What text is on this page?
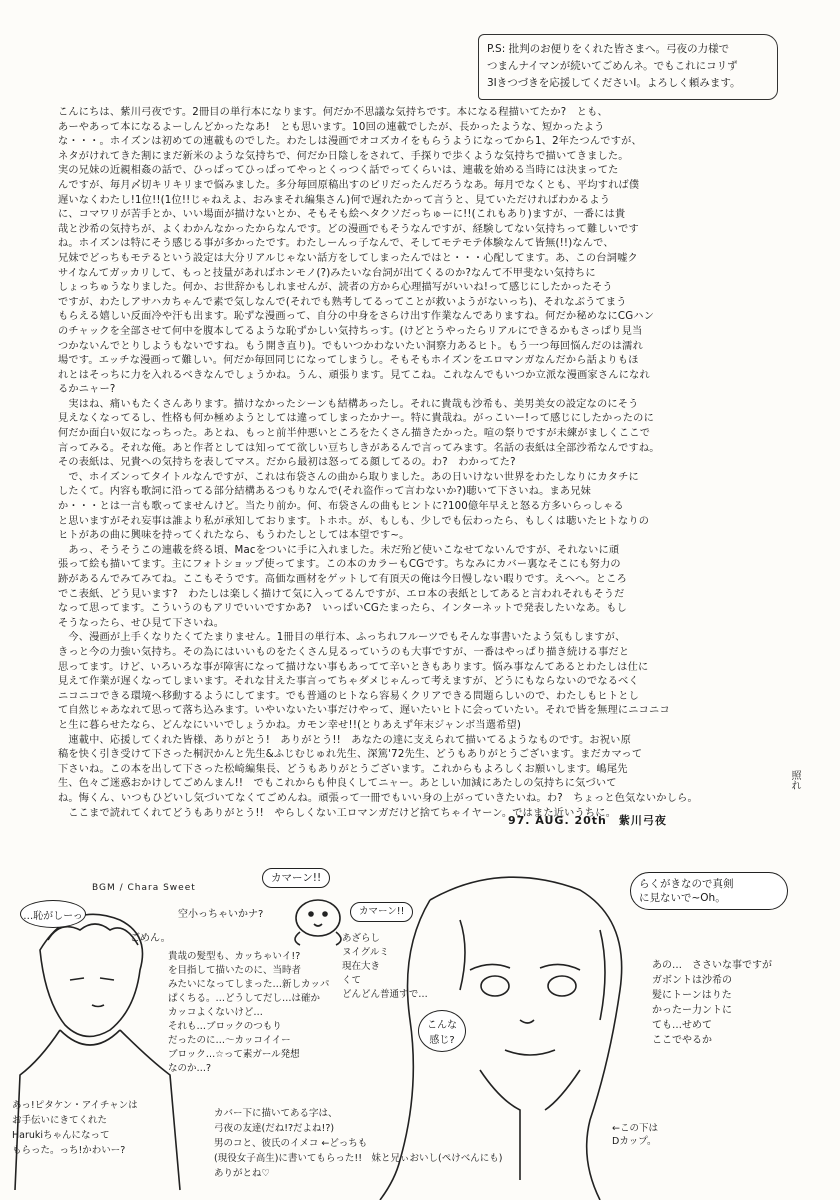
P.S: 批判のお便りをくれた皆さまへ。弓夜の力様で
つまんナイマンが続いてごめんネ。でもこれにコリず
3Iきつづきを応援してくださいI。よろしく頼みます。

こんにちは、紫川弓夜です。2冊目の単行本になります。何だか不思議な気持ちです。本になる程描いてたか?　とも、

あーやあって本になるよーしんどかったなあ!　とも思います。10回の連載でしたが、長かったような、短かったよう

な・・・。ホイズンは初めての連載ものでした。わたしは漫画でオコズカイをもらうようになってから1、2年たつんですが、

ネタがけれてきた割にまだ新米のような気持ちで、何だか日陰しをされて、手探りで歩くような気持ちで描いてきました。

実の兄妹の近親相姦の話で、ひっぱってひっぱってやっとくっつく話でってくらいは、連載を始める当時には決まってた

んですが、毎月〆切キリキリまで悩みました。多分毎回原稿出すのビリだったんだろうなあ。毎月でなくとも、平均すれば僕

遅いなくわたし!1位!!(1位!!じゃねえよ、おみまそれ編集さん)何で遅れたかって言うと、見ていただければわかるよう

に、コマワリが苦手とか、いい場面が描けないとか、そもそも絵ヘタクソだっちゅーに!!(これもあり)ますが、一番には貴

哉と沙希の気持ちが、よくわかんなかったからなんです。どの漫画でもそうなんですが、経験してない気持ちって難しいです

ね。ホイズンは特にそう感じる事が多かったです。わたしーんっ子なんで、そしてモテモテ体験なんて皆無(!!)なんで、

兄妹でどっちもモテるという設定は大分リアルじゃない話方をしてしまったんではと・・・心配してます。あ、この台詞嘘ク

サイなんてガッカリして、もっと技量があればホンモノ(?)みたいな台詞が出てくるのか?なんて不甲斐ない気持ちに

しょっちゅうなりました。何か、お世辞かもしれませんが、読者の方から心理描写がいいね!って感じにしたかったそう

ですが、わたしアサハカちゃんで素で気しなんで(それでも熟考してるってことが救いようがないっち)、それなぶうてまう

もらえる嬉しい反面冷や汗も出ます。恥ずな漫画って、自分の中身をさらけ出す作業なんでありますね。何だか秘めなにCGハン

のチャックを全部させて何中を腹本してるような恥ずかしい気持ちっす。(けどとうやったらリアルにできるかもさっぱり見当

つかないんでとりしようもないですね。もう開き直り)。でもいつかわないたい洞察力あるヒト。もう一つ毎回悩んだのは濡れ

場です。エッチな漫画って難しい。何だか毎回同じになってしまうし。そもそもホイズンをエロマンガなんだから話よりもほ

れとはそっちに力を入れるべきなんでしょうかね。うん、頑張ります。見てこね。これなんでもいつか立派な漫画家さんになれ

るかニャー?

　実はね、痛いもたくさんあります。描けなかったシーンも結構あったし。それに貴哉も沙希も、美男美女の設定なのにそう

見えなくなってるし、性格も何か極めようとしては違ってしまったかナー。特に貴哉ね。がっこいー!って感じにしたかったのに

何だか面白い奴になっちった。あとね、もっと前半仲悪いところをたくさん描きたかった。喧の祭りですが未練がましくここで

言ってみる。それな俺。あと作者としては知ってて欲しい豆ちしきがあるんで言ってみます。名話の表紙は全部沙希なんですね。

その表紙は、兄貴への気持ちを表してマス。だから最初は怒ってる顔してるの。わ?　わかってた?

　で、ホイズンってタイトルなんですが、これは布袋さんの曲から取りました。あの日いけない世界をわたしなりにカタチに

したくて。内容も歌詞に沿ってる部分結構あるつもりなんで(それ盗作って言わないか?)聴いて下さいね。まあ兄妹

か・・・とは一言も歌ってませんけど。当たり前か。何、布袋さんの曲もヒントに?100億年早えと怒る方多いらっしゃる

と思いますがそれ妄事は誰より私が承知しております。トホホ。が、もしも、少しでも伝わったら、もしくは聴いたヒトなりの

ヒトがあの曲に興味を持ってくれたなら、もうわたしとしては本望です~。

　あっ、そうそうこの連載を終る頃、Macをついに手に入れました。未だ殆ど使いこなせてないんですが、それないに頑

張って絵も描いてます。主にフォトショップ使ってます。この本のカラーもCGです。ちなみにカバー裏なそこにも努力の

跡があるんでみてみてね。ここもそうです。高価な画材をゲットして有頂天の俺は今日慢しない暇りです。えへへ。ところ

でこ表紙、どう見います?　わたしは楽しく描けて気に入ってるんですが、エロ本の表紙としてあると言われそれもそうだ

なって思ってます。こういうのもアリでいいですかあ?　いっぱいCGたまったら、インターネットで発表したいなあ。もし

そうなったら、せひ見て下さいね。

　今、漫画が上手くなりたくてたまりません。1冊目の単行本、ふっちれフルーツでもそんな事書いたよう気もしますが、

きっと今の力強い気持ち。その為にはいいものをたくさん見るっていうのも大事ですが、一番はやっぱり描き続ける事だと

思ってます。けど、いろいろな事が障害になって描けない事もあってて辛いときもあります。悩み事なんてあるとわたしは仕に

見えて作業が遅くなってしまいます。それな甘えた事言ってちゃダメじゃんって考えますが、どうにもならないのでなるべく

ニコニコできる環境へ移動するようにしてます。でも普通のヒトなら容易くクリアできる問題らしいので、わたしもヒトとし

て自然じゃあなれて思って落ち込みます。いやいないたい事だけやって、遅いたいヒトに会っていたい。それで皆を無理にニコニコ

と生に暮らせたなら、どんなにいいでしょうかね。カモン幸せ!!(とりあえず年末ジャンボ当選希望)

　連載中、応援してくれた皆様、ありがとう!　ありがとう!!　あなたの達に支えられて描いてるようなものです。お祝い原

稿を快く引き受けて下さった桐沢かんと先生&ふじむじゅれ先生、深篤'72先生、どうもありがとうございます。まだカマって

下さいね。この本を出して下さった松崎編集長、どうもありがとうございます。これからもよろしくお願いします。嶋尾先

生、色々ご迷惑おかけしてごめんまん!!　でもこれからも仲良くしてニャー。あとしい加減にあたしの気持ちに気づいて

ね。悔くん、いつもひどいし気づいてなくてごめんね。頑張って一冊でもいい身の上がっていきたいね。わ?　ちょっと色気ないかしら。

　ここまで読れてくれてどうもありがとう!!　やらしくない工ロマンガだけど捨てちゃイヤーン。ではまた近いうちに。

照れ
97. AUG. 20th　紫川弓夜
BGM / Chara Sweet
…恥がしーっ
ごめん。
空小っちゃいかナ?
カマーン!!
カマーン!!
らくがきなので真剣
に見ないで~Oh。
貴哉の髪型も、カッちゃいイ!?
を目指して描いたのに、当時者
みたいになってしまった…新しカッパ
ぱくちる。…どうしてだし…は確か
カッコよくないけど…
それも…ブロックのつもり
だったのに…〜カッコイイー
ブロック…☆って素ガール発想
なのか…?
あざらし
ヌイグルミ
現在大き
くて
どんどん普通すで…
こんな
感じ?
あの…　ささいな事ですが
ガボントは沙希の
髪にトーンはりた
かったー力ントに
ても…せめて
ここでやるか
あっ!ピタケン・アイチャンは
お手伝いにきてくれた
Harukiちゃんになって
もらった。っち!かわいー?
カバー下に描いてある字は、
弓夜の友達(だね!?だよね!?)
男のコと、彼氏のイメコ ←どっちも
(現役女子高生)に書いてもらった!!　妹と兄ぃおいし(ぺけべんにも)
ありがとね♡
←この下は
Dカップ。
